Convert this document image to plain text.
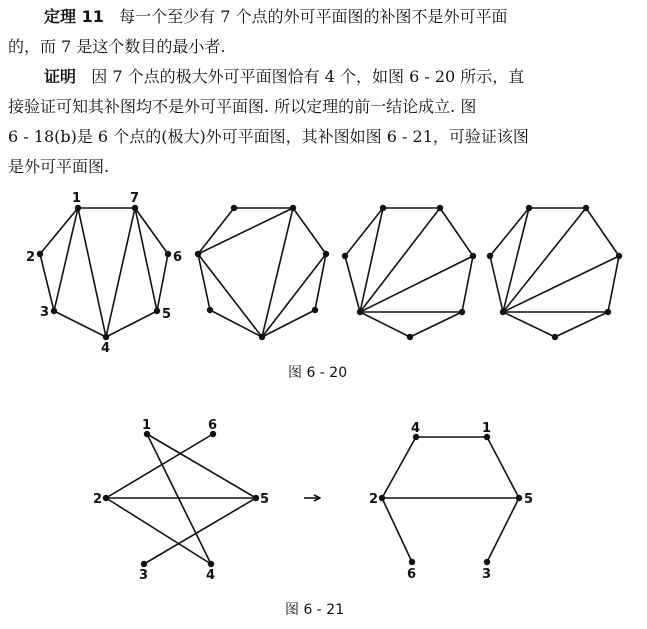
定理 11 每一个至少有 7 个点的外可平面图的补图不是外可平面
的，而 7 是这个数目的最小者.
证明 因 7 个点的极大外可平面图恰有 4 个，如图 6 - 20 所示，直
接验证可知其补图均不是外可平面图. 所以定理的前一结论成立. 图
6 - 18(b)是 6 个点的(极大)外可平面图，其补图如图 6 - 21，可验证该图
是外可平面图.
1	7
6
5
4
3
2
1	6
2	5
3	4
4	1
2	5
6	3
图 6 - 20
图 6 - 21
